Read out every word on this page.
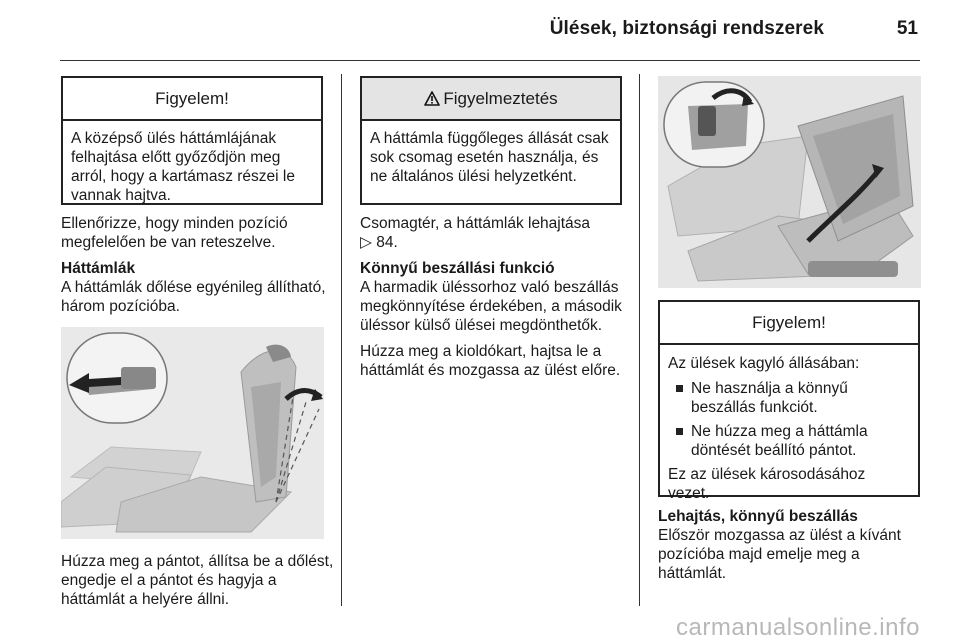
Ülések, biztonsági rendszerek	51
Figyelem!

A középső ülés háttámlájának felhajtása előtt győződjön meg arról, hogy a kartámasz részei le vannak hajtva.

Ellenőrizze, hogy minden pozíció megfelelően be van reteszelve.

Háttámlák
A háttámlák dőlése egyénileg állítható, három pozícióba.

Húzza meg a pántot, állítsa be a dőlést, engedje el a pántot és hagyja a háttámlát a helyére állni.

Figyelmeztetés

A háttámla függőleges állását csak sok csomag esetén használja, és ne általános ülési helyzetként.

Csomagtér, a háttámlák lehajtása
▷ 84.

Könnyű beszállási funkció
A harmadik üléssorhoz való beszállás megkönnyítése érdekében, a második üléssor külső ülései megdönthetők.

Húzza meg a kioldókart, hajtsa le a háttámlát és mozgassa az ülést előre.

Figyelem!

Az ülések kagyló állásában:

Ne használja a könnyű beszállás funkciót.
Ne húzza meg a háttámla döntését beállító pántot.

Ez az ülések károsodásához vezet.

Lehajtás, könnyű beszállás
Először mozgassa az ülést a kívánt pozícióba majd emelje meg a háttámlát.

carmanualsonline.info
